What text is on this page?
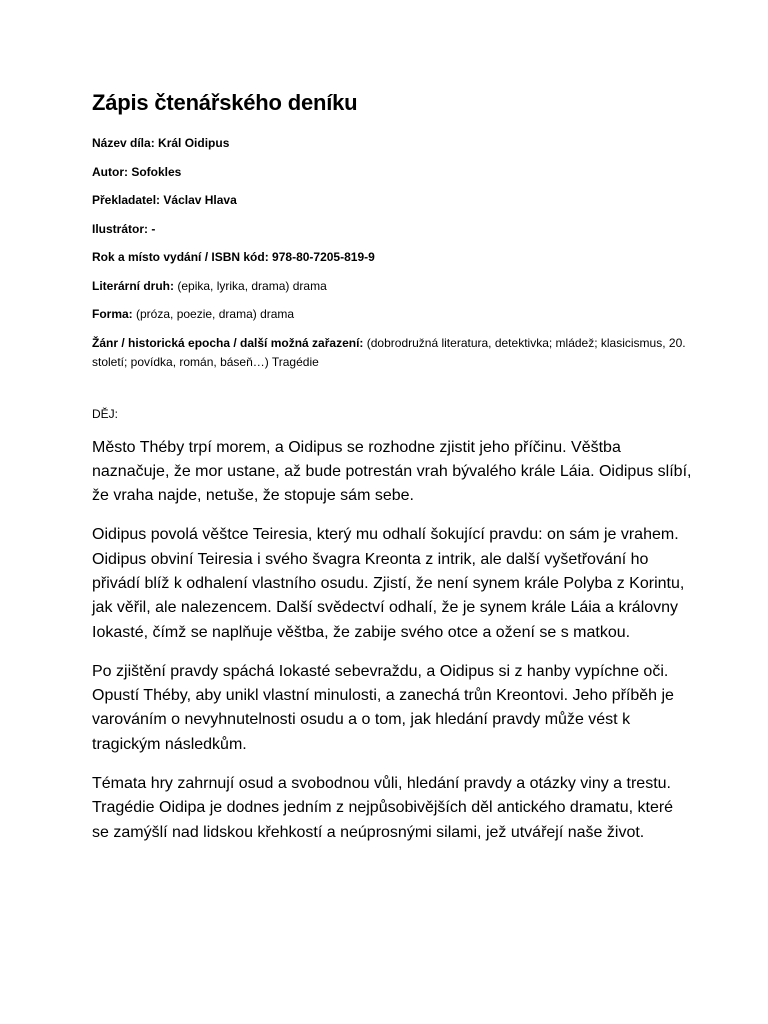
Zápis čtenářského deníku
Název díla: Král Oidipus
Autor: Sofokles
Překladatel: Václav Hlava
Ilustrátor: -
Rok a místo vydání / ISBN kód: 978-80-7205-819-9
Literární druh: (epika, lyrika, drama) drama
Forma: (próza, poezie, drama) drama
Žánr / historická epocha / další možná zařazení: (dobrodružná literatura, detektivka; mládež; klasicismus, 20. století; povídka, román, báseň…) Tragédie
DĚJ:

Město Théby trpí morem, a Oidipus se rozhodne zjistit jeho příčinu. Věštba naznačuje, že mor ustane, až bude potrestán vrah bývalého krále Láia. Oidipus slíbí, že vraha najde, netuše, že stopuje sám sebe.

Oidipus povolá věštce Teiresia, který mu odhalí šokující pravdu: on sám je vrahem. Oidipus obviní Teiresia i svého švagra Kreonta z intrik, ale další vyšetřování ho přivádí blíž k odhalení vlastního osudu. Zjistí, že není synem krále Polyba z Korintu, jak věřil, ale nalezencem. Další svědectví odhalí, že je synem krále Láia a královny Iokasté, čímž se naplňuje věštba, že zabije svého otce a ožení se s matkou.

Po zjištění pravdy spáchá Iokasté sebevraždu, a Oidipus si z hanby vypíchne oči. Opustí Théby, aby unikl vlastní minulosti, a zanechá trůn Kreontovi. Jeho příběh je varováním o nevyhnutelnosti osudu a o tom, jak hledání pravdy může vést k tragickým následkům.

Témata hry zahrnují osud a svobodnou vůli, hledání pravdy a otázky viny a trestu. Tragédie Oidipa je dodnes jedním z nejpůsobivějších děl antického dramatu, které se zamýšlí nad lidskou křehkostí a neúprosnými silami, jež utvářejí naše život.
